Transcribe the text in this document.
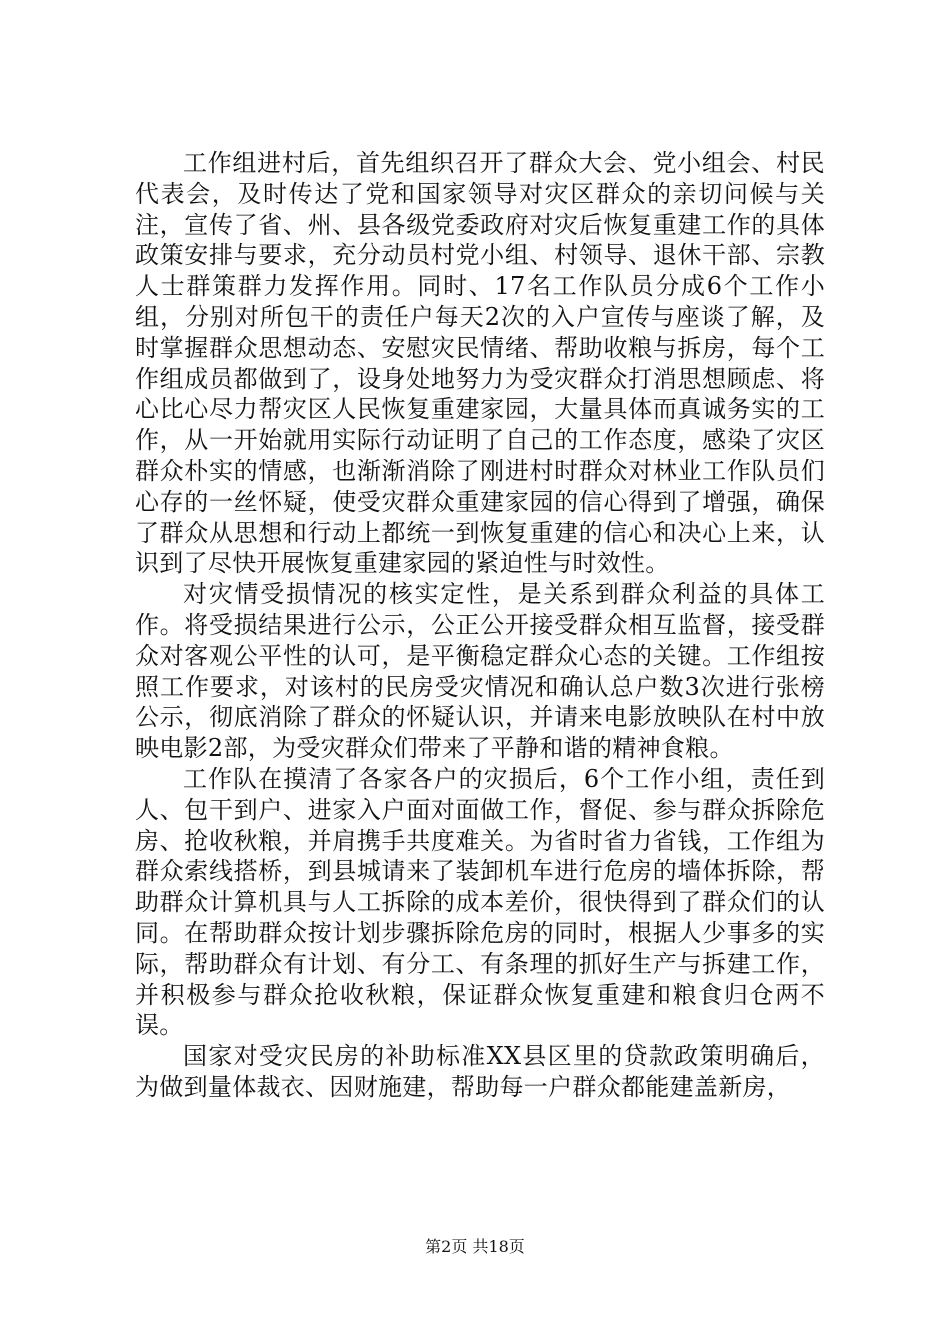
工作组进村后，首先组织召开了群众大会、党小组会、村民代表会，及时传达了党和国家领导对灾区群众的亲切问候与关注，宣传了省、州、县各级党委政府对灾后恢复重建工作的具体政策安排与要求，充分动员村党小组、村领导、退休干部、宗教人士群策群力发挥作用。同时、17名工作队员分成6个工作小组，分别对所包干的责任户每天2次的入户宣传与座谈了解，及时掌握群众思想动态、安慰灾民情绪、帮助收粮与拆房，每个工作组成员都做到了，设身处地努力为受灾群众打消思想顾虑、将心比心尽力帮灾区人民恢复重建家园，大量具体而真诚务实的工作，从一开始就用实际行动证明了自己的工作态度，感染了灾区群众朴实的情感，也渐渐消除了刚进村时群众对林业工作队员们心存的一丝怀疑，使受灾群众重建家园的信心得到了增强，确保了群众从思想和行动上都统一到恢复重建的信心和决心上来，认识到了尽快开展恢复重建家园的紧迫性与时效性。

对灾情受损情况的核实定性，是关系到群众利益的具体工作。将受损结果进行公示，公正公开接受群众相互监督，接受群众对客观公平性的认可，是平衡稳定群众心态的关键。工作组按照工作要求，对该村的民房受灾情况和确认总户数3次进行张榜公示，彻底消除了群众的怀疑认识，并请来电影放映队在村中放映电影2部，为受灾群众们带来了平静和谐的精神食粮。

工作队在摸清了各家各户的灾损后，6个工作小组，责任到人、包干到户、进家入户面对面做工作，督促、参与群众拆除危房、抢收秋粮，并肩携手共度难关。为省时省力省钱，工作组为群众索线搭桥，到县城请来了装卸机车进行危房的墙体拆除，帮助群众计算机具与人工拆除的成本差价，很快得到了群众们的认同。在帮助群众按计划步骤拆除危房的同时，根据人少事多的实际，帮助群众有计划、有分工、有条理的抓好生产与拆建工作，并积极参与群众抢收秋粮，保证群众恢复重建和粮食归仓两不误。

国家对受灾民房的补助标准XX县区里的贷款政策明确后，为做到量体裁衣、因财施建，帮助每一户群众都能建盖新房，

第2页 共18页
